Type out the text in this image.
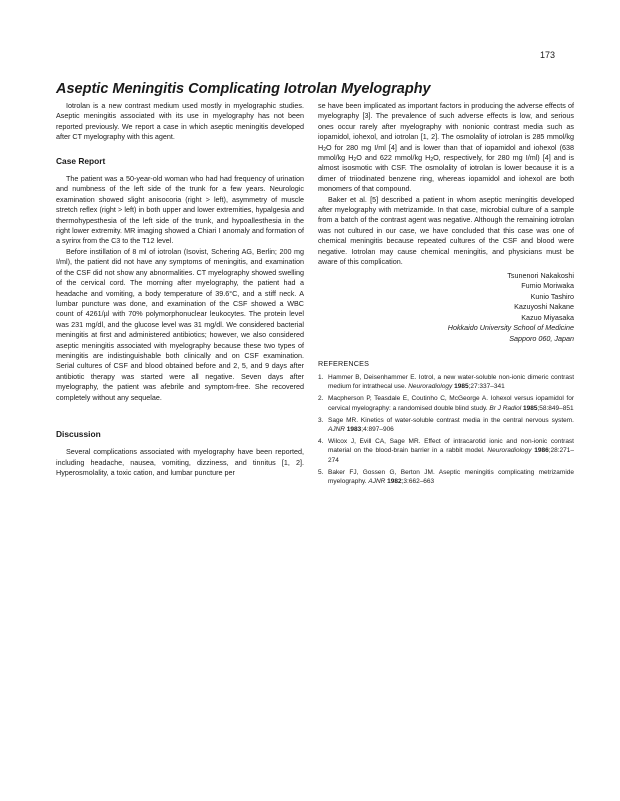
173
Aseptic Meningitis Complicating Iotrolan Myelography

Iotrolan is a new contrast medium used mostly in myelographic studies. Aseptic meningitis associated with its use in myelography has not been reported previously. We report a case in which aseptic meningitis developed after CT myelography with this agent.

Case Report

The patient was a 50-year-old woman who had had frequency of urination and numbness of the left side of the trunk for a few years. Neurologic examination showed slight anisocoria (right > left), asymmetry of muscle stretch reflex (right > left) in both upper and lower extremities, hypalgesia and thermohypesthesia of the left side of the trunk, and hypoallesthesia in the right lower extremity. MR imaging showed a Chiari I anomaly and formation of a syrinx from the C3 to the T12 level.

Before instillation of 8 ml of iotrolan (Isovist, Schering AG, Berlin; 200 mg I/ml), the patient did not have any symptoms of meningitis, and examination of the CSF did not show any abnormalities. CT myelography showed swelling of the cervical cord. The morning after myelography, the patient had a headache and vomiting, a body temperature of 39.6°C, and a stiff neck. A lumbar puncture was done, and examination of the CSF showed a WBC count of 4261/µl with 70% polymorphonuclear leukocytes. The protein level was 231 mg/dl, and the glucose level was 31 mg/dl. We considered bacterial meningitis at first and administered antibiotics; however, we also considered aseptic meningitis associated with myelography because these two types of meningitis are indistinguishable both clinically and on CSF examination. Serial cultures of CSF and blood obtained before and 2, 5, and 9 days after antibiotic therapy was started were all negative. Seven days after myelography, the patient was afebrile and symptom-free. She recovered completely without any sequelae.

Discussion

Several complications associated with myelography have been reported, including headache, nausea, vomiting, dizziness, and tinnitus [1, 2]. Hyperosmolality, a toxic cation, and lumbar puncture per

se have been implicated as important factors in producing the adverse effects of myelography [3]. The prevalence of such adverse effects is low, and serious ones occur rarely after myelography with nonionic contrast media such as iopamidol, iohexol, and iotrolan [1, 2]. The osmolality of iotrolan is 285 mmol/kg $H_2O$ for 280 mg I/ml [4] and is lower than that of iopamidol and iohexol (638 mmol/kg $H_2O$ and 622 mmol/kg $H_2O$, respectively, for 280 mg I/ml) [4] and is almost isosmotic with CSF. The osmolality of iotrolan is lower because it is a dimer of triiodinated benzene ring, whereas iopamidol and iohexol are both monomers of that compound.

Baker et al. [5] described a patient in whom aseptic meningitis developed after myelography with metrizamide. In that case, microbial culture of a sample from a batch of the contrast agent was negative. Although the remaining iotrolan was not cultured in our case, we have concluded that this case was one of chemical meningitis because repeated cultures of the CSF and blood were negative. Iotrolan may cause chemical meningitis, and physicians must be aware of this complication.

Tsunenori Nakakoshi
Fumio Moriwaka
Kunio Tashiro
Kazuyoshi Nakane
Kazuo Miyasaka
Hokkaido University School of Medicine
Sapporo 060, Japan
REFERENCES
1. Hammer B, Deisenhammer E. Iotrol, a new water-soluble non-ionic dimeric contrast medium for intrathecal use. Neuroradiology 1985;27:337–341
2. Macpherson P, Teasdale E, Coutinho C, McGeorge A. Iohexol versus iopamidol for cervical myelography: a randomised double blind study. Br J Radiol 1985;58:849–851
3. Sage MR. Kinetics of water-soluble contrast media in the central nervous system. AJNR 1983;4:897–906
4. Wilcox J, Evill CA, Sage MR. Effect of intracarotid ionic and non-ionic contrast material on the blood-brain barrier in a rabbit model. Neuroradiology 1986;28:271–274
5. Baker FJ, Gossen G, Berton JM. Aseptic meningitis complicating metrizamide myelography. AJNR 1982;3:662–663
